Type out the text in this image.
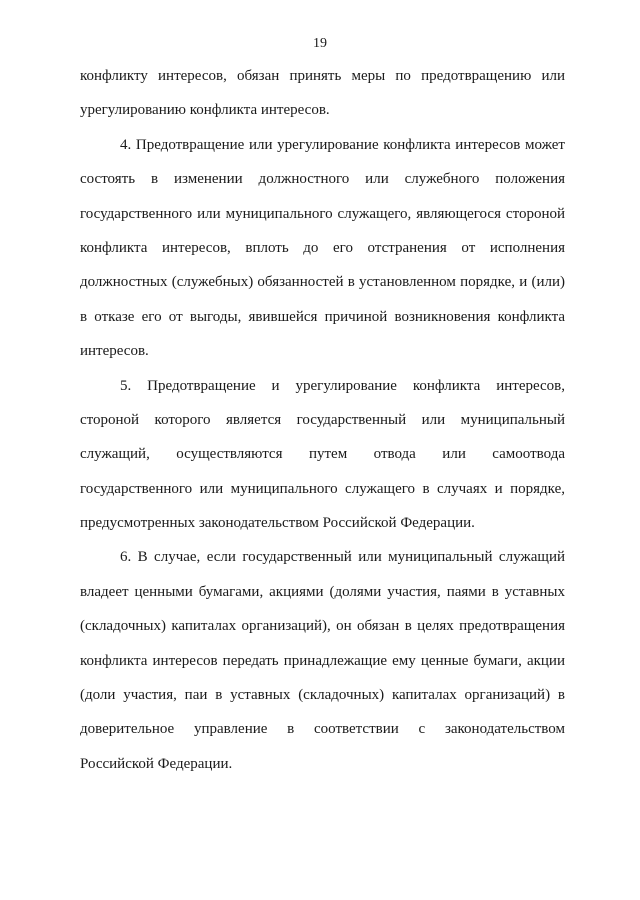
19
конфликту интересов, обязан принять меры по предотвращению или
урегулированию конфликта интересов.
4. Предотвращение или урегулирование конфликта интересов может
состоять в изменении должностного или служебного положения
государственного или муниципального служащего, являющегося стороной
конфликта интересов, вплоть до его отстранения от исполнения
должностных (служебных) обязанностей в установленном порядке, и (или)
в отказе его от выгоды, явившейся причиной возникновения конфликта
интересов.
5. Предотвращение и урегулирование конфликта интересов,
стороной которого является государственный или муниципальный
служащий, осуществляются путем отвода или самоотвода
государственного или муниципального служащего в случаях и порядке,
предусмотренных законодательством Российской Федерации.
6. В случае, если государственный или муниципальный служащий
владеет ценными бумагами, акциями (долями участия, паями в уставных
(складочных) капиталах организаций), он обязан в целях предотвращения
конфликта интересов передать принадлежащие ему ценные бумаги, акции
(доли участия, паи в уставных (складочных) капиталах организаций) в
доверительное управление в соответствии с законодательством
Российской Федерации.
